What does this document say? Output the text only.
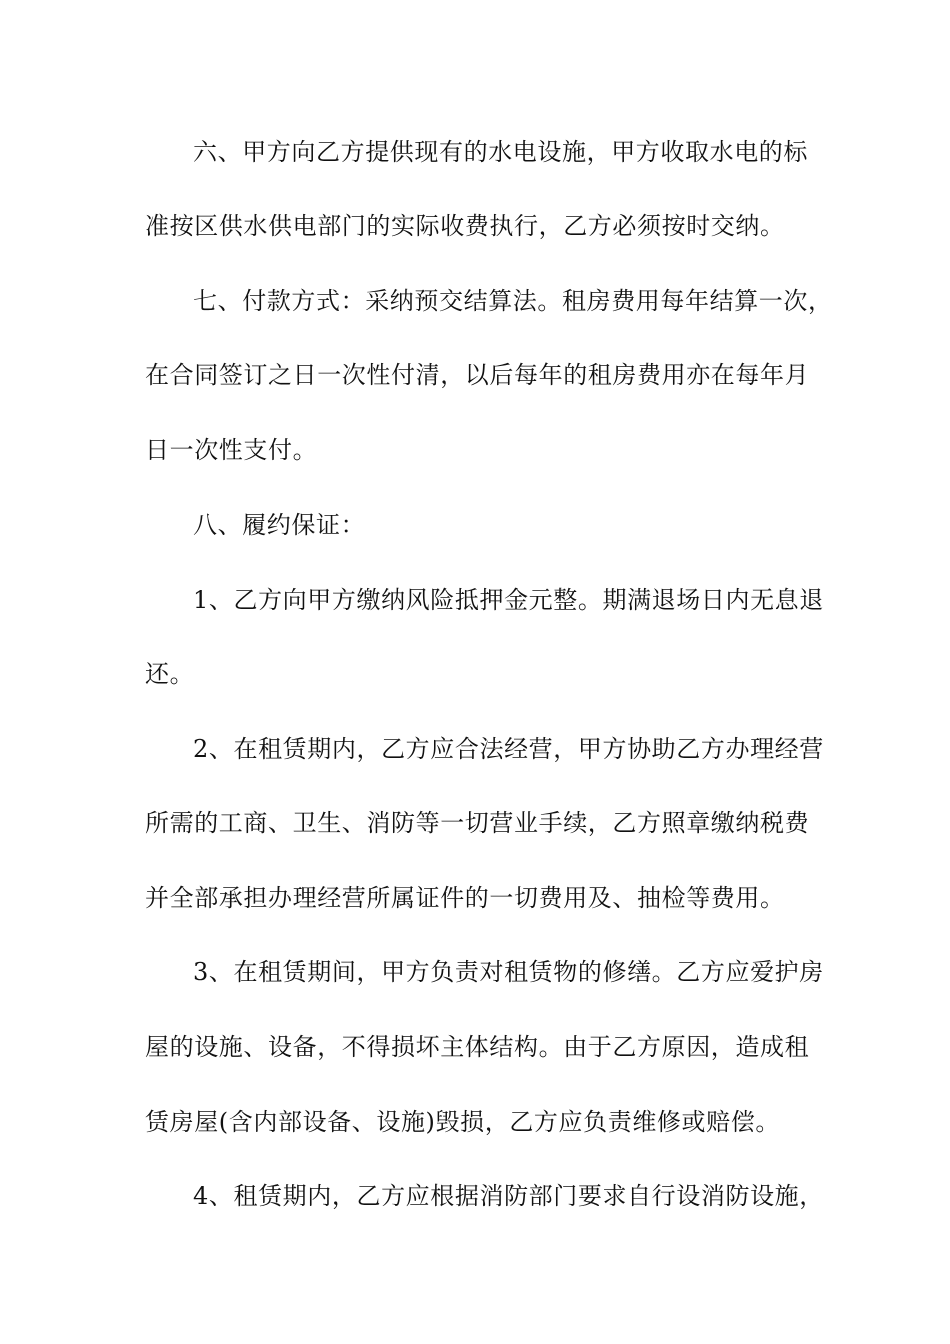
六、甲方向乙方提供现有的水电设施，甲方收取水电的标
准按区供水供电部门的实际收费执行，乙方必须按时交纳。
七、付款方式：采纳预交结算法。租房费用每年结算一次，
在合同签订之日一次性付清，以后每年的租房费用亦在每年月
日一次性支付。
八、履约保证：
1、乙方向甲方缴纳风险抵押金元整。期满退场日内无息退
还。
2、在租赁期内，乙方应合法经营，甲方协助乙方办理经营
所需的工商、卫生、消防等一切营业手续，乙方照章缴纳税费
并全部承担办理经营所属证件的一切费用及、抽检等费用。
3、在租赁期间，甲方负责对租赁物的修缮。乙方应爱护房
屋的设施、设备，不得损坏主体结构。由于乙方原因，造成租
赁房屋(含内部设备、设施)毁损，乙方应负责维修或赔偿。
4、租赁期内，乙方应根据消防部门要求自行设消防设施，
